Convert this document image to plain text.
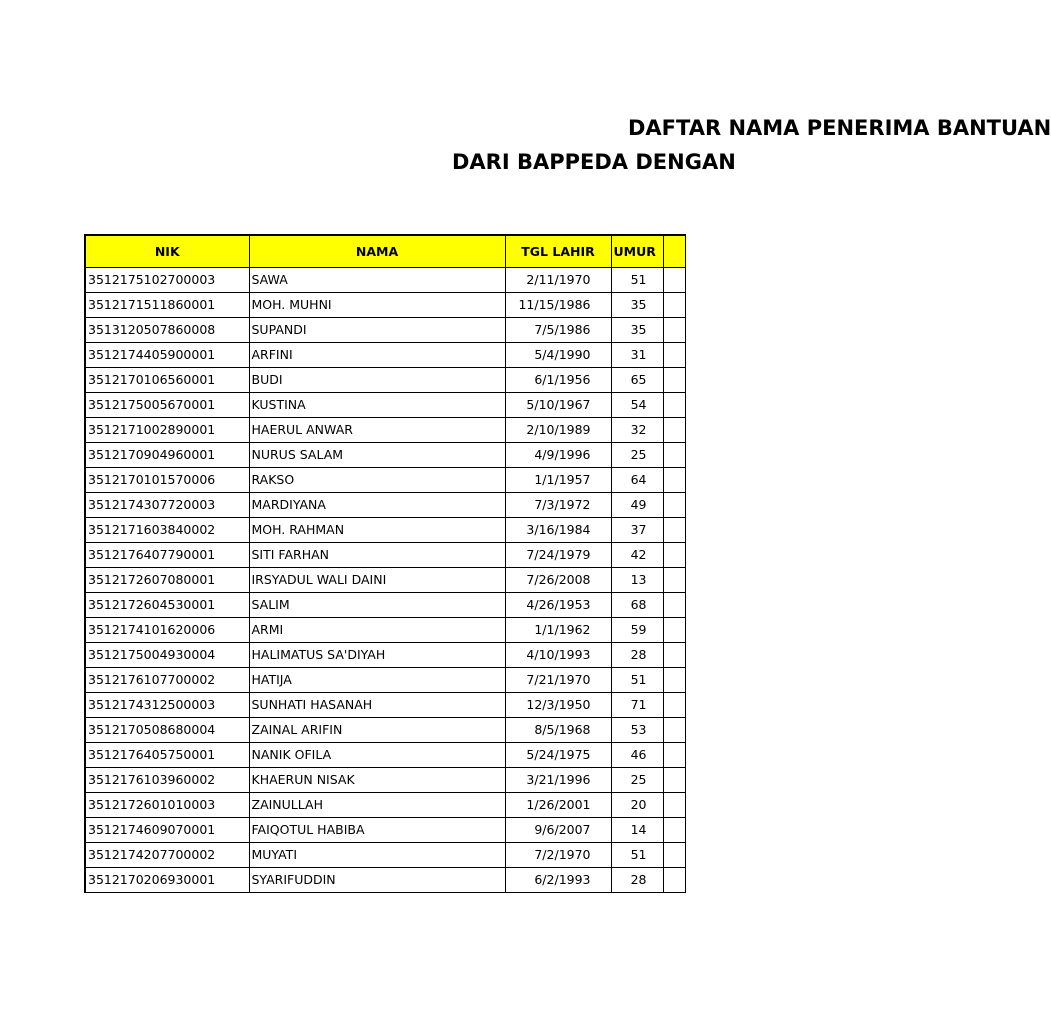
DAFTAR NAMA PENERIMA BANTUAN
DARI BAPPEDA DENGAN
NIK	NAMA	TGL LAHIR	UMUR	
3512175102700003	SAWA	2/11/1970	51	
3512171511860001	MOH. MUHNI	11/15/1986	35	
3513120507860008	SUPANDI	7/5/1986	35	
3512174405900001	ARFINI	5/4/1990	31	
3512170106560001	BUDI	6/1/1956	65	
3512175005670001	KUSTINA	5/10/1967	54	
3512171002890001	HAERUL ANWAR	2/10/1989	32	
3512170904960001	NURUS SALAM	4/9/1996	25	
3512170101570006	RAKSO	1/1/1957	64	
3512174307720003	MARDIYANA	7/3/1972	49	
3512171603840002	MOH. RAHMAN	3/16/1984	37	
3512176407790001	SITI FARHAN	7/24/1979	42	
3512172607080001	IRSYADUL WALI DAINI	7/26/2008	13	
3512172604530001	SALIM	4/26/1953	68	
3512174101620006	ARMI	1/1/1962	59	
3512175004930004	HALIMATUS SA'DIYAH	4/10/1993	28	
3512176107700002	HATIJA	7/21/1970	51	
3512174312500003	SUNHATI HASANAH	12/3/1950	71	
3512170508680004	ZAINAL ARIFIN	8/5/1968	53	
3512176405750001	NANIK OFILA	5/24/1975	46	
3512176103960002	KHAERUN NISAK	3/21/1996	25	
3512172601010003	ZAINULLAH	1/26/2001	20	
3512174609070001	FAIQOTUL HABIBA	9/6/2007	14	
3512174207700002	MUYATI	7/2/1970	51	
3512170206930001	SYARIFUDDIN	6/2/1993	28	
